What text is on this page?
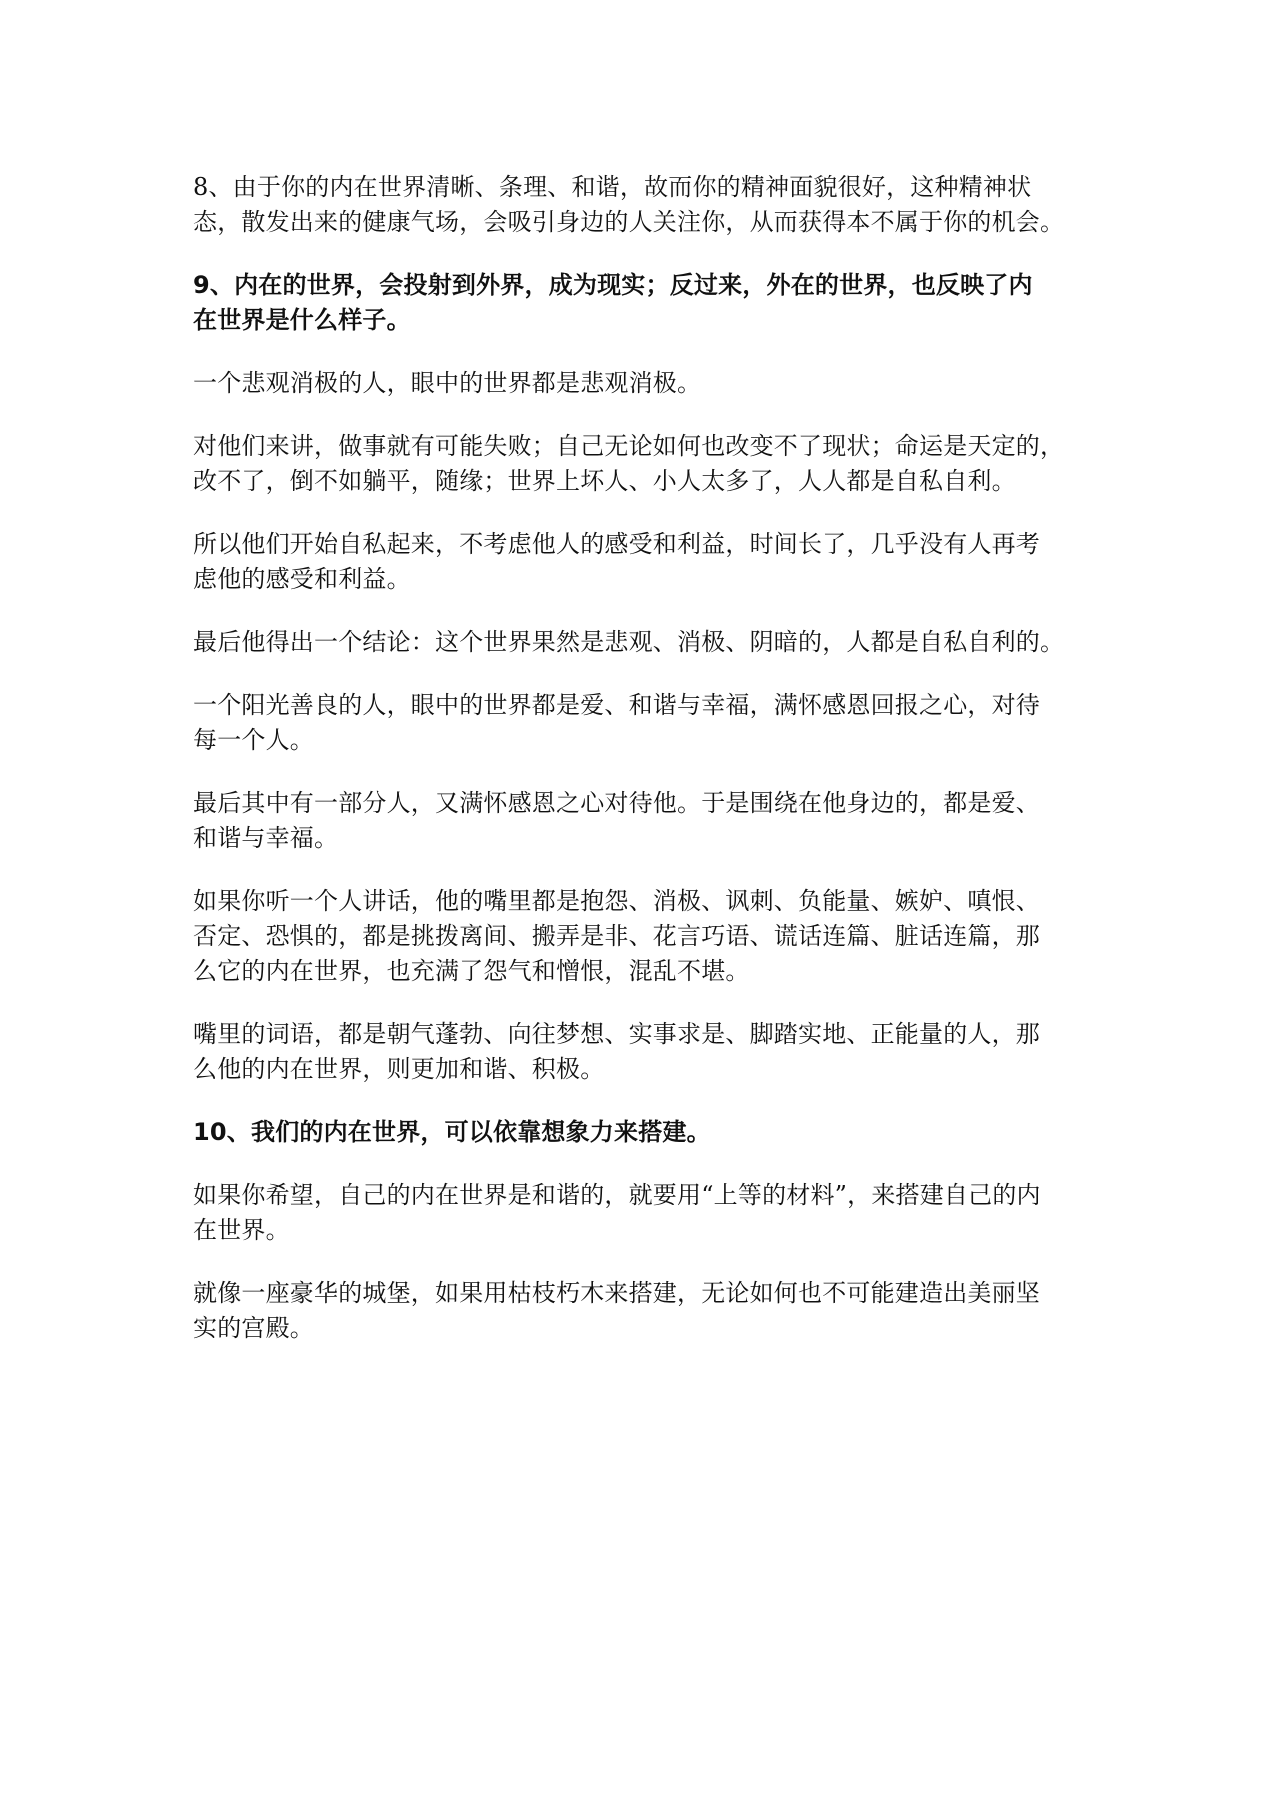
8、由于你的内在世界清晰、条理、和谐，故而你的精神面貌很好，这种精神状
态，散发出来的健康气场，会吸引身边的人关注你，从而获得本不属于你的机会。

9、内在的世界，会投射到外界，成为现实；反过来，外在的世界，也反映了内
在世界是什么样子。

一个悲观消极的人，眼中的世界都是悲观消极。

对他们来讲，做事就有可能失败；自己无论如何也改变不了现状；命运是天定的，
改不了，倒不如躺平，随缘；世界上坏人、小人太多了，人人都是自私自利。

所以他们开始自私起来，不考虑他人的感受和利益，时间长了，几乎没有人再考
虑他的感受和利益。

最后他得出一个结论：这个世界果然是悲观、消极、阴暗的，人都是自私自利的。

一个阳光善良的人，眼中的世界都是爱、和谐与幸福，满怀感恩回报之心，对待
每一个人。

最后其中有一部分人，又满怀感恩之心对待他。于是围绕在他身边的，都是爱、
和谐与幸福。

如果你听一个人讲话，他的嘴里都是抱怨、消极、讽刺、负能量、嫉妒、嗔恨、
否定、恐惧的，都是挑拨离间、搬弄是非、花言巧语、谎话连篇、脏话连篇，那
么它的内在世界，也充满了怨气和憎恨，混乱不堪。

嘴里的词语，都是朝气蓬勃、向往梦想、实事求是、脚踏实地、正能量的人，那
么他的内在世界，则更加和谐、积极。

10、我们的内在世界，可以依靠想象力来搭建。

如果你希望，自己的内在世界是和谐的，就要用“上等的材料”，来搭建自己的内
在世界。

就像一座豪华的城堡，如果用枯枝朽木来搭建，无论如何也不可能建造出美丽坚
实的宫殿。
